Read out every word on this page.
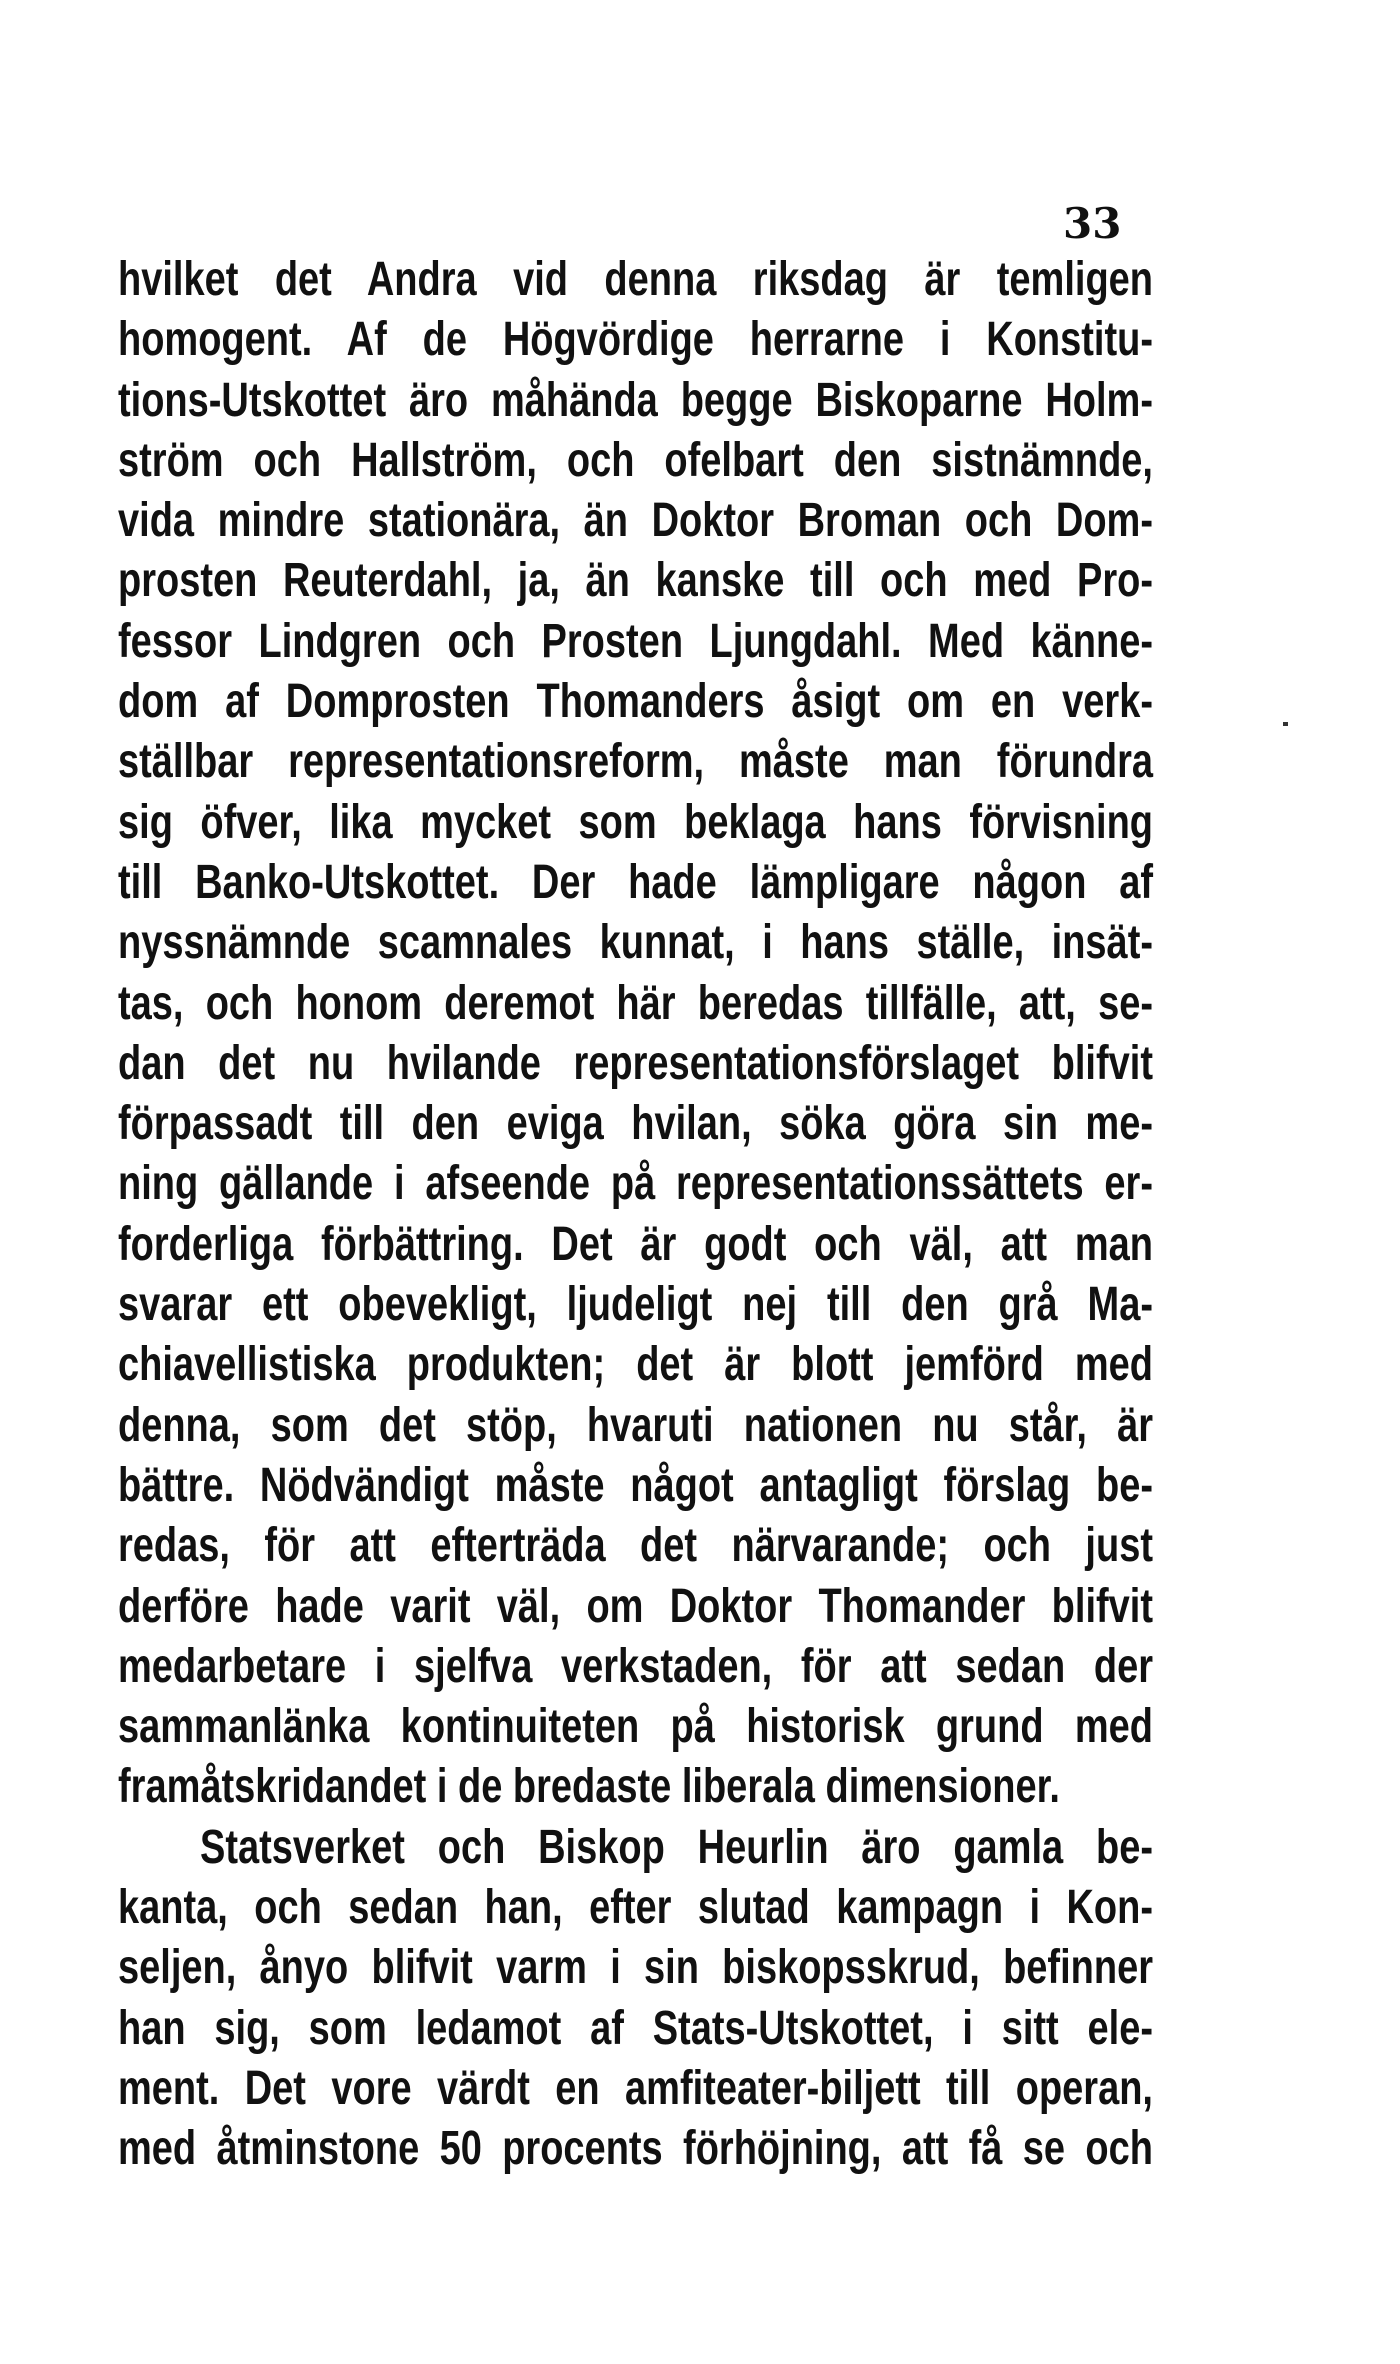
33
hvilket det Andra vid denna riksdag är temligen
homogent. Af de Högvördige herrarne i Konstitu-
tions-Utskottet äro måhända begge Biskoparne Holm-
ström och Hallström, och ofelbart den sistnämnde,
vida mindre stationära, än Doktor Broman och Dom-
prosten Reuterdahl, ja, än kanske till och med Pro-
fessor Lindgren och Prosten Ljungdahl. Med känne-
dom af Domprosten Thomanders åsigt om en verk-
ställbar representationsreform, måste man förundra
sig öfver, lika mycket som beklaga hans förvisning
till Banko-Utskottet. Der hade lämpligare någon af
nyssnämnde scamnales kunnat, i hans ställe, insät-
tas, och honom deremot här beredas tillfälle, att, se-
dan det nu hvilande representationsförslaget blifvit
förpassadt till den eviga hvilan, söka göra sin me-
ning gällande i afseende på representationssättets er-
forderliga förbättring. Det är godt och väl, att man
svarar ett obevekligt, ljudeligt nej till den grå Ma-
chiavellistiska produkten; det är blott jemförd med
denna, som det stöp, hvaruti nationen nu står, är
bättre. Nödvändigt måste något antagligt förslag be-
redas, för att efterträda det närvarande; och just
derföre hade varit väl, om Doktor Thomander blifvit
medarbetare i sjelfva verkstaden, för att sedan der
sammanlänka kontinuiteten på historisk grund med
framåtskridandet i de bredaste liberala dimensioner.
Statsverket och Biskop Heurlin äro gamla be-
kanta, och sedan han, efter slutad kampagn i Kon-
seljen, ånyo blifvit varm i sin biskopsskrud, befinner
han sig, som ledamot af Stats-Utskottet, i sitt ele-
ment. Det vore värdt en amfiteater-biljett till operan,
med åtminstone 50 procents förhöjning, att få se och
